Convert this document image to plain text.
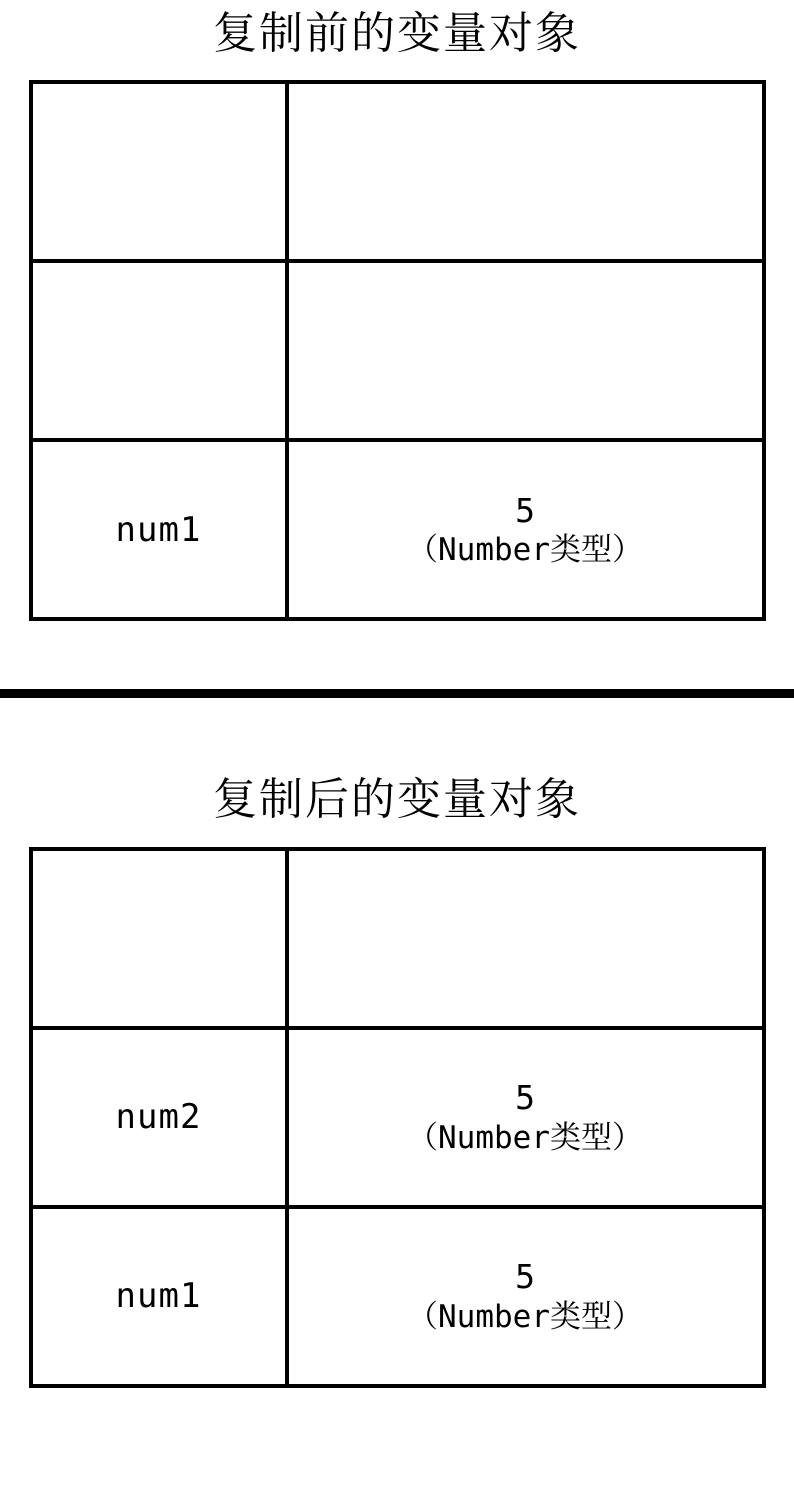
复制前的变量对象

num1	5
（Number类型）
复制后的变量对象

num2	5
（Number类型）

num1	5
（Number类型）
